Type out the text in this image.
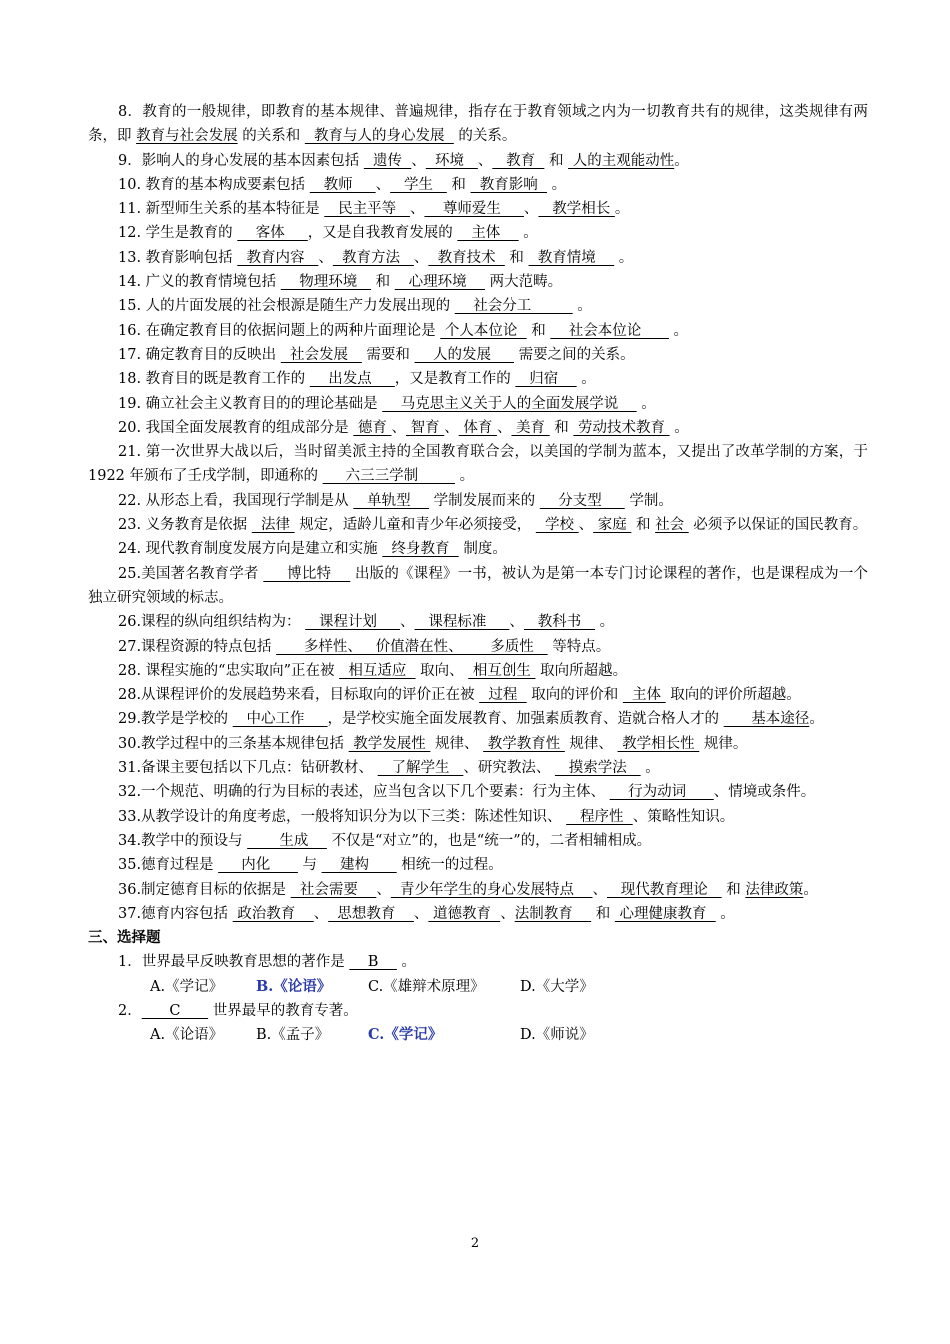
8．教育的一般规律，即教育的基本规律、普遍规律，指存在于教育领域之内为一切教育共有的规律，这类规律有两条，即 教育与社会发展 的关系和   教育与人的身心发展   的关系。

9．影响人的身心发展的基本因素包括   遗传  、  环境   、   教育   和  人的主观能动性。

10. 教育的基本构成要素包括    教师     、   学生    和   教育影响   。

11. 新型师生关系的基本特征是    民主平等   、    尊师爱生     、   教学相长 。

12. 学生是教育的     客体     ，又是自我教育发展的    主体     。

13. 教育影响包括   教育内容   、  教育方法   、  教育技术   和   教育情境     。

14. 广义的教育情境包括     物理环境    和    心理环境     两大范畴。

15. 人的片面发展的社会根源是随生产力发展出现的     社会分工          。

16. 在确定教育目的依据问题上的两种片面理论是  个人本位论   和     社会本位论       。

17. 确定教育目的反映出   社会发展    需要和     人的发展      需要之间的关系。

18. 教育目的既是教育工作的     出发点     ，又是教育工作的    归宿     。

19. 确立社会主义教育目的的理论基础是     马克思主义关于人的全面发展学说     。

20. 我国全面发展教育的组成部分是  德育 、 智育 、 体育 、 美育  和  劳动技术教育  。

21. 第一次世界大战以后，当时留美派主持的全国教育联合会，以美国的学制为蓝本，又提出了改革学制的方案，于 1922 年颁布了壬戌学制，即通称的      六三三学制         。

22. 从形态上看，我国现行学制是从    单轨型     学制发展而来的     分支型      学制。

23. 义务教育是依据   法律  规定，适龄儿童和青少年必须接受，   学校 、 家庭  和 社会  必须予以保证的国民教育。

24. 现代教育制度发展方向是建立和实施   终身教育   制度。

25.美国著名教育学者      博比特     出版的《课程》一书，被认为是第一本专门讨论课程的著作，也是课程成为一个独立研究领域的标志。

26.课程的纵向组织结构为：    课程计划     、   课程标准     、   教科书    。

27.课程资源的特点包括       多样性、   价值潜在性、      多质性    等特点。

28. 课程实施的“忠实取向”正在被   相互适应   取向、  相互创生  取向所超越。

28.从课程评价的发展趋势来看，目标取向的评价正在被   过程   取向的评价和   主体  取向的评价所超越。

29.教学是学校的    中心工作     ，是学校实施全面发展教育、加强素质教育、造就合格人才的       基本途径。

30.教学过程中的三条基本规律包括  教学发展性  规律、  教学教育性  规律、  教学相长性  规律。

31.备课主要包括以下几点：钻研教材、    了解学生   、研究教法、    摸索学法    。

32.一个规范、明确的行为目标的表述，应当包含以下几个要素：行为主体、     行为动词      、情境或条件。

33.从教学设计的角度考虑，一般将知识分为以下三类：陈述性知识、    程序性  、策略性知识。

34.教学中的预设与        生成     不仅是“对立”的，也是“统一”的，二者相辅相成。

35.德育过程是      内化       与     建构       相统一的过程。

36.制定德育目标的依据是   社会需要    、  青少年学生的身心发展特点    、   现代教育理论    和 法律政策。

37.德育内容包括  政治教育    、  思想教育    、 道德教育  、法制教育     和  心理健康教育   。

三、选择题

1．世界最早反映教育思想的著作是     B     。

A.《学记》 B.《论语》	C.《雄辩术原理》 D.《大学》

2．      C       世界最早的教育专著。

A.《论语》 B.《孟子》	C.《学记》	D.《师说》

2
